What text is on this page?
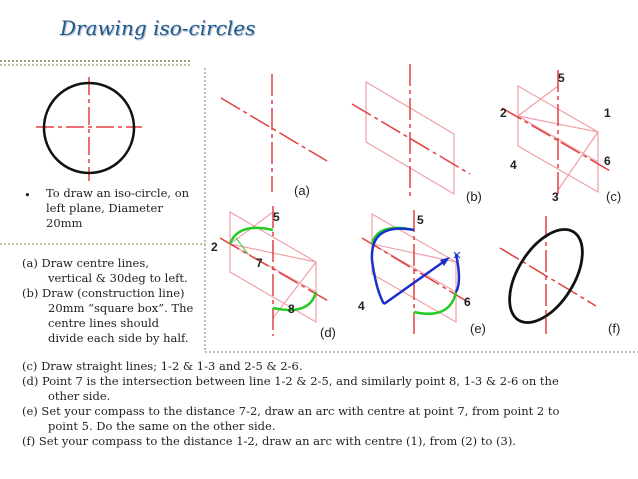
Drawing iso-circles
• To draw an iso-circle, on
left plane, Diameter
20mm
(a) Draw centre lines,
vertical & 30deg to left.
(b) Draw (construction line)
20mm “square box”. The
centre lines should
divide each side by half.
(c) Draw straight lines; 1-2 & 1-3 and 2-5 & 2-6.
(d) Point 7 is the intersection between line 1-2 & 2-5, and similarly point 8, 1-3 & 2-6 on the
other side.
(e) Set your compass to the distance 7-2, draw an arc with centre at point 7, from point 2 to
point 5. Do the same on the other side.
(f) Set your compass to the distance 1-2, draw an arc with centre (1), from (2) to (3).
(a)	(b)
5
2	1
4	6
3	(c)
5
2
7
8
(d)
5
4	6
(e)	(f)
